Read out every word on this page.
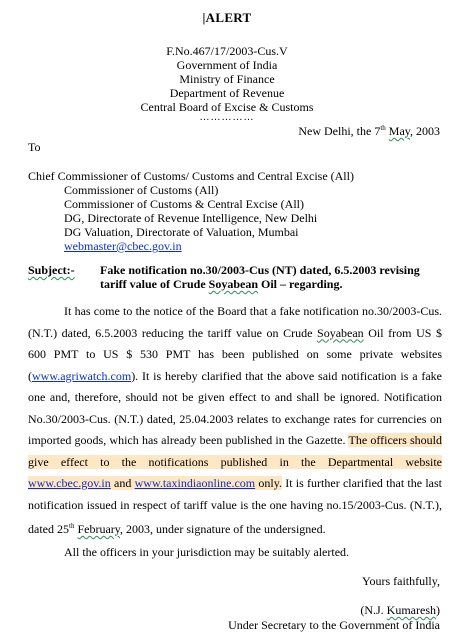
|ALERT
F.No.467/17/2003-Cus.V
Government of India
Ministry of Finance
Department of Revenue
Central Board of Excise & Customs
……………
New Delhi, the 7th May, 2003
To
Chief Commissioner of Customs/ Customs and Central Excise (All)
Commissioner of Customs (All)
Commissioner of Customs & Central Excise (All)
DG, Directorate of Revenue Intelligence, New Delhi
DG Valuation, Directorate of Valuation, Mumbai
webmaster@cbec.gov.in
Subject:- Fake notification no.30/2003-Cus (NT) dated, 6.5.2003 revising tariff value of Crude Soyabean Oil – regarding.

It has come to the notice of the Board that a fake notification no.30/2003-Cus. (N.T.) dated, 6.5.2003 reducing the tariff value on Crude Soyabean Oil from US $ 600 PMT to US $ 530 PMT has been published on some private websites (www.agriwatch.com). It is hereby clarified that the above said notification is a fake one and, therefore, should not be given effect to and shall be ignored. Notification No.30/2003-Cus. (N.T.) dated, 25.04.2003 relates to exchange rates for currencies on imported goods, which has already been published in the Gazette. The officers should give effect to the notifications published in the Departmental website www.cbec.gov.in and www.taxindiaonline.com only. It is further clarified that the last notification issued in respect of tariff value is the one having no.15/2003-Cus. (N.T.), dated 25th February, 2003, under signature of the undersigned.

All the officers in your jurisdiction may be suitably alerted.
Yours faithfully,
(N.J. Kumaresh)
Under Secretary to the Government of India
